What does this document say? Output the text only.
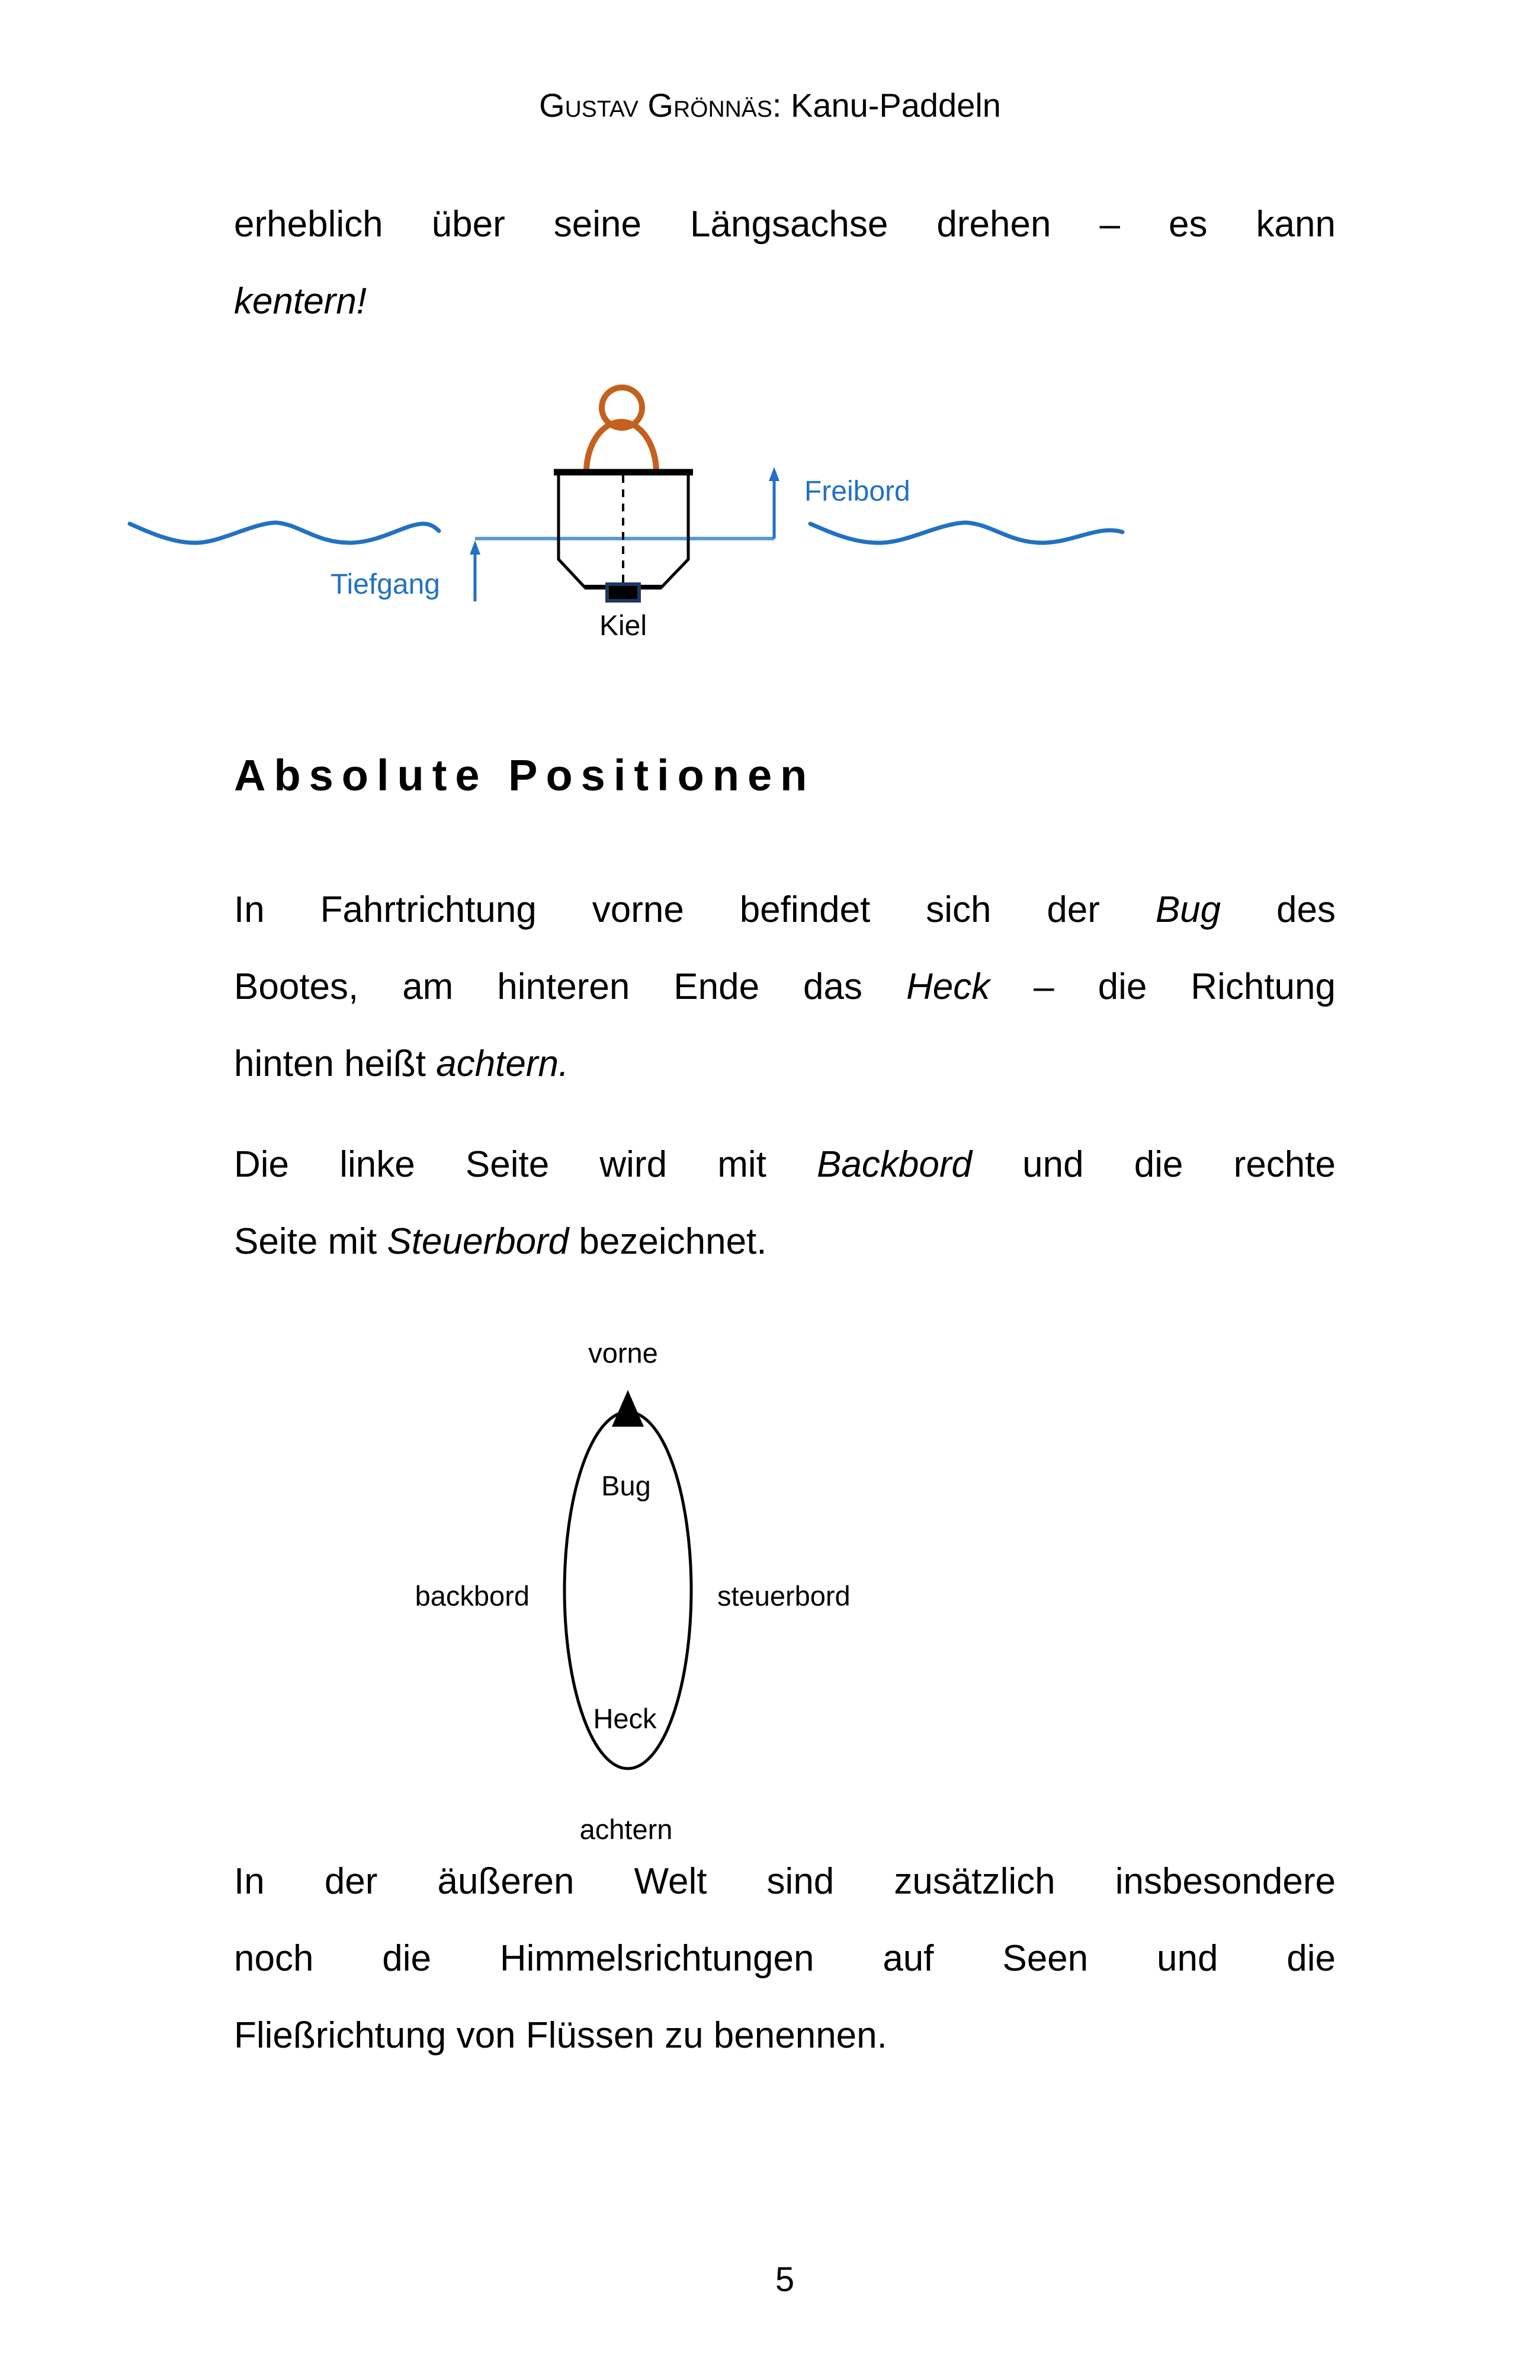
Gustav Grönnäs: Kanu-Paddeln
erheblich über seine Längsachse drehen – es kann
kentern!
Freibord
Tiefgang
Kiel
Absolute Positionen
In Fahrtrichtung vorne befindet sich der Bug des
Bootes, am hinteren Ende das Heck – die Richtung
hinten heißt achtern.
Die linke Seite wird mit Backbord und die rechte
Seite mit Steuerbord bezeichnet.
vorne
Bug
backbord	steuerbord
Heck
achtern
In der äußeren Welt sind zusätzlich insbesondere
noch die Himmelsrichtungen auf Seen und die
Fließrichtung von Flüssen zu benennen.
5
